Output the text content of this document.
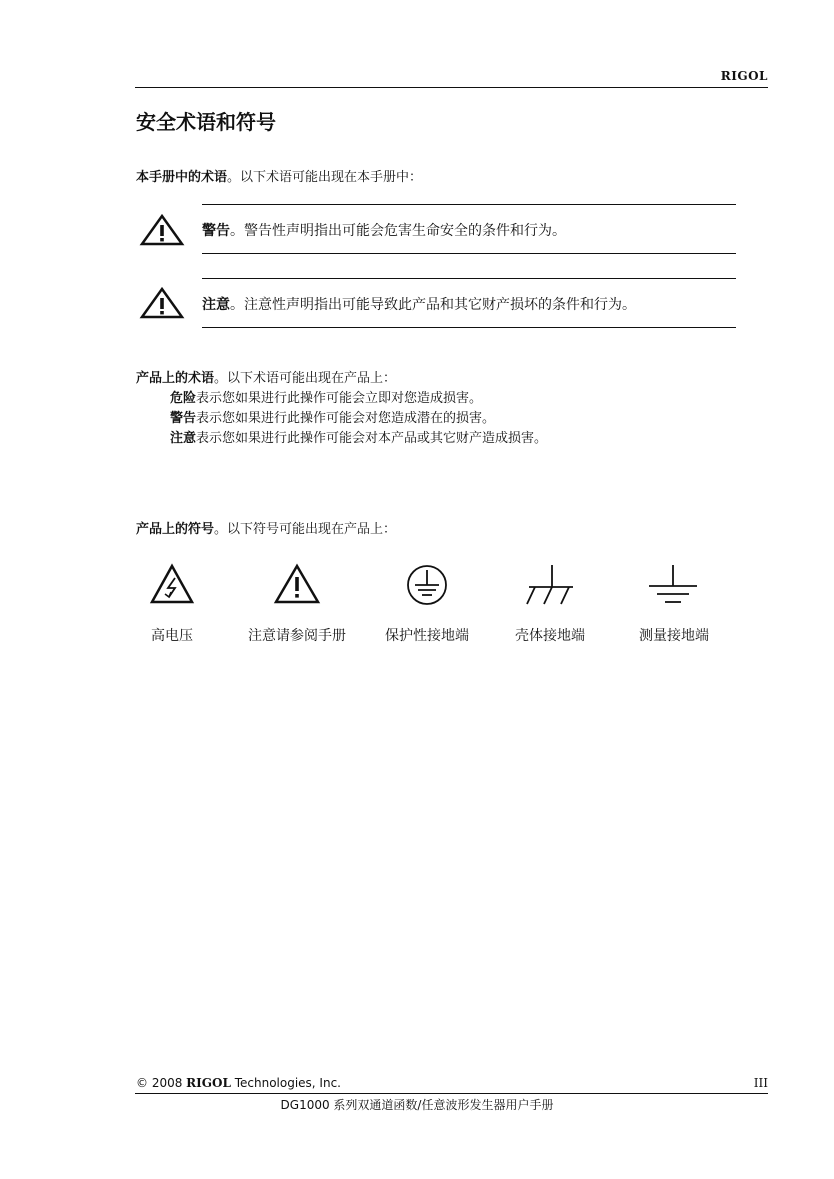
RIGOL
安全术语和符号
本手册中的术语。以下术语可能出现在本手册中：
警告。警告性声明指出可能会危害生命安全的条件和行为。
注意。注意性声明指出可能导致此产品和其它财产损坏的条件和行为。
产品上的术语。以下术语可能出现在产品上：
危险表示您如果进行此操作可能会立即对您造成损害。
警告表示您如果进行此操作可能会对您造成潜在的损害。
注意表示您如果进行此操作可能会对本产品或其它财产造成损害。
产品上的符号。以下符号可能出现在产品上：
高电压	注意请参阅手册	保护性接地端	壳体接地端	测量接地端
© 2008 RIGOL Technologies, Inc.	III
DG1000 系列双通道函数/任意波形发生器用户手册
